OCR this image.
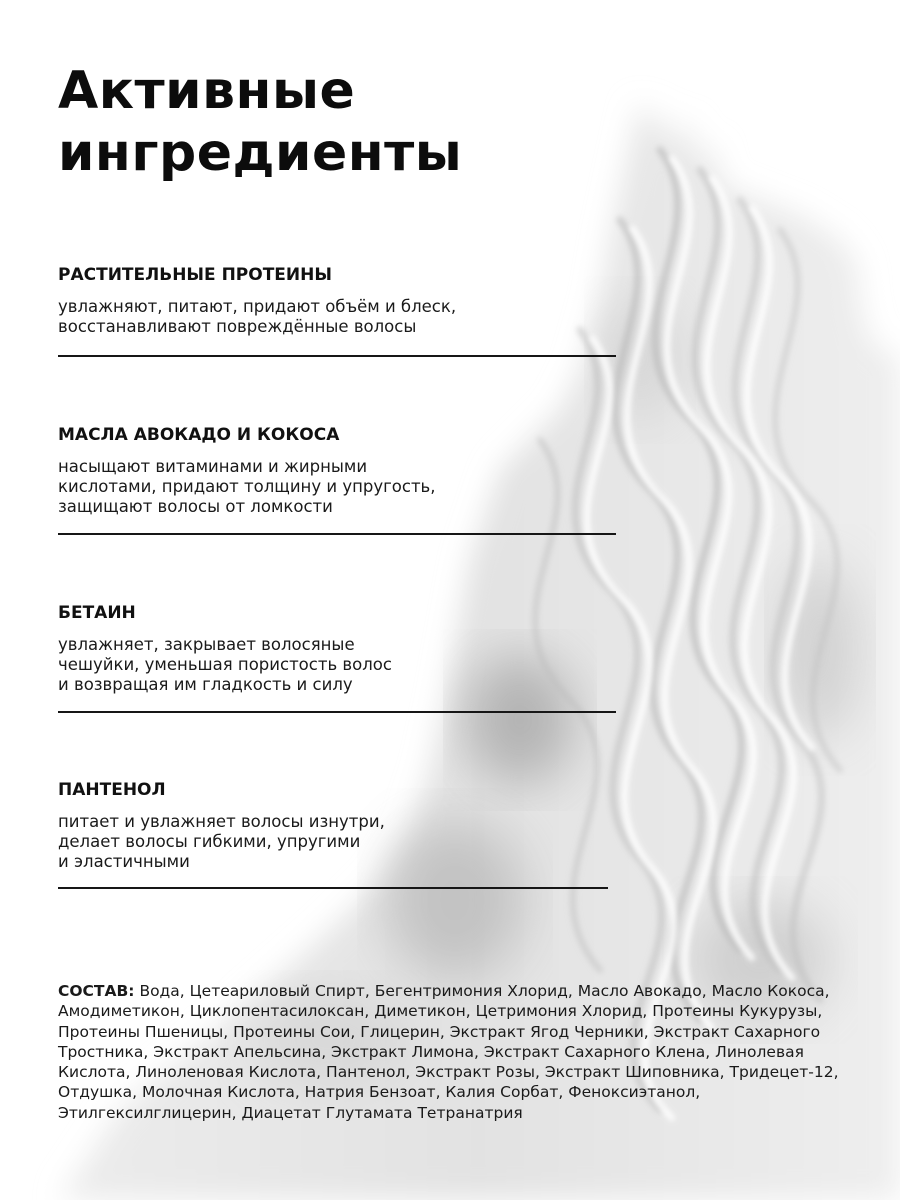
Активные
ингредиенты
РАСТИТЕЛЬНЫЕ ПРОТЕИНЫ
увлажняют, питают, придают объём и блеск,
восстанавливают повреждённые волосы
МАСЛА АВОКАДО И КОКОСА
насыщают витаминами и жирными
кислотами, придают толщину и упругость,
защищают волосы от ломкости
БЕТАИН
увлажняет, закрывает волосяные
чешуйки, уменьшая пористость волос
и возвращая им гладкость и силу
ПАНТЕНОЛ
питает и увлажняет волосы изнутри,
делает волосы гибкими, упругими
и эластичными
СОСТАВ: Вода, Цетеариловый Спирт, Бегентримония Хлорид, Масло Авокадо, Масло Кокоса,
Амодиметикон, Циклопентасилоксан, Диметикон, Цетримония Хлорид, Протеины Кукурузы,
Протеины Пшеницы, Протеины Сои, Глицерин, Экстракт Ягод Черники, Экстракт Сахарного
Тростника, Экстракт Апельсина, Экстракт Лимона, Экстракт Сахарного Клена, Линолевая
Кислота, Линоленовая Кислота, Пантенол, Экстракт Розы, Экстракт Шиповника, Тридецет-12,
Отдушка, Молочная Кислота, Натрия Бензоат, Калия Сорбат, Феноксиэтанол,
Этилгексилглицерин, Диацетат Глутамата Тетранатрия
